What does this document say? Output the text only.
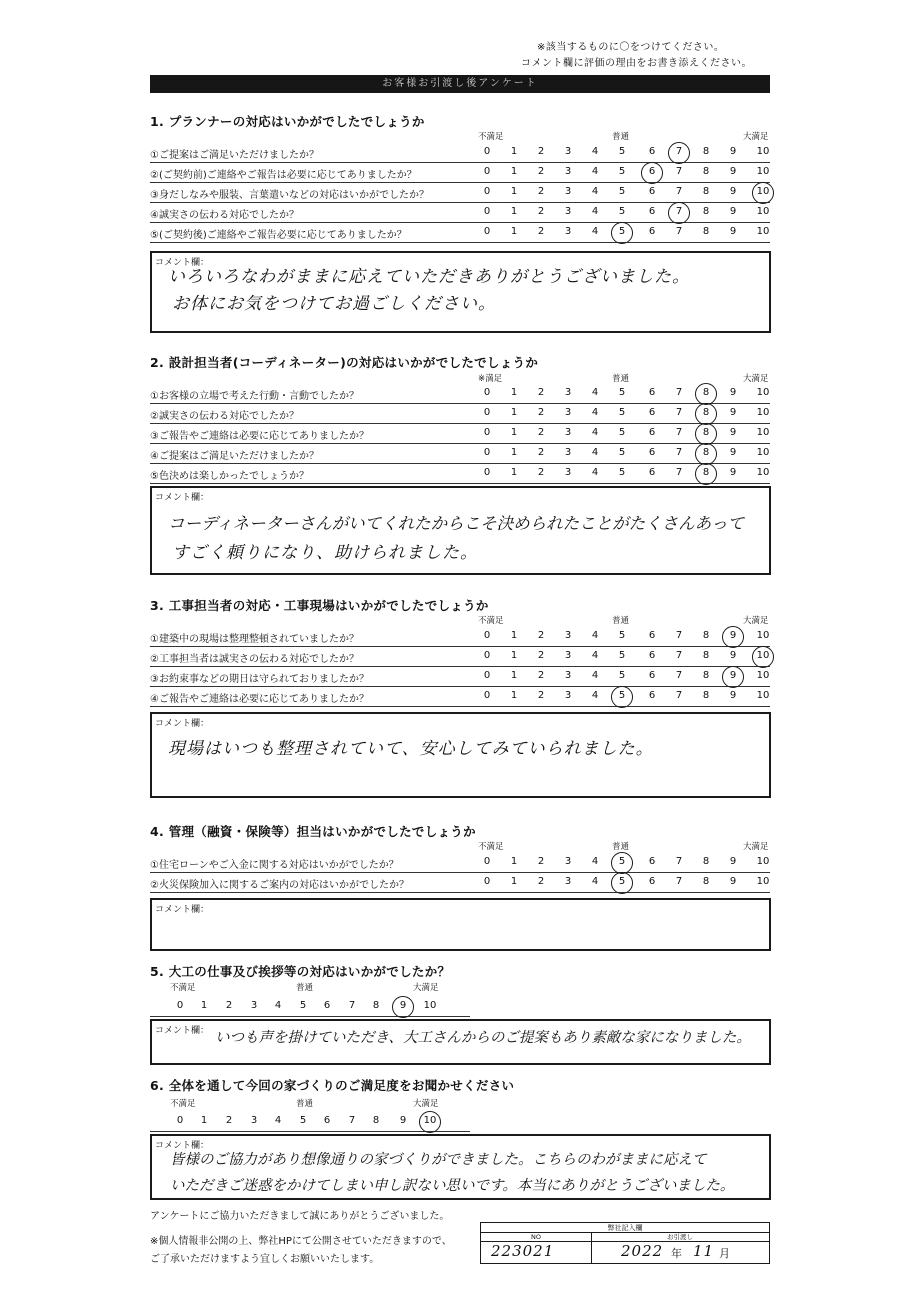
※該当するものに〇をつけてください。
コメント欄に評価の理由をお書き添えください。
お客様お引渡し後アンケート
1. プランナーの対応はいかがでしたでしょうか
不満足	普通	大満足
①ご提案はご満足いただけましたか？	0	1	2	3	4	5	6	7	8	9	10
②(ご契約前)ご連絡やご報告は必要に応じてありましたか？	0	1	2	3	4	5	6	7	8	9	10
③身だしなみや服装、言葉遣いなどの対応はいかがでしたか？	0	1	2	3	4	5	6	7	8	9	10
④誠実さの伝わる対応でしたか？	0	1	2	3	4	5	6	7	8	9	10
⑤(ご契約後)ご連絡やご報告必要に応じてありましたか？	0	1	2	3	4	5	6	7	8	9	10
コメント欄：
いろいろなわがままに応えていただきありがとうございました。
お体にお気をつけてお過ごしください。
2. 設計担当者(コーディネーター)の対応はいかがでしたでしょうか
※満足	普通	大満足
①お客様の立場で考えた行動・言動でしたか？	0	1	2	3	4	5	6	7	8	9	10
②誠実さの伝わる対応でしたか？	0	1	2	3	4	5	6	7	8	9	10
③ご報告やご連絡は必要に応じてありましたか？	0	1	2	3	4	5	6	7	8	9	10
④ご提案はご満足いただけましたか？	0	1	2	3	4	5	6	7	8	9	10
⑤色決めは楽しかったでしょうか？	0	1	2	3	4	5	6	7	8	9	10
コメント欄：
コーディネーターさんがいてくれたからこそ決められたことがたくさんあって
すごく頼りになり、助けられました。
3. 工事担当者の対応・工事現場はいかがでしたでしょうか
不満足	普通	大満足
①建築中の現場は整理整頓されていましたか？	0	1	2	3	4	5	6	7	8	9	10
②工事担当者は誠実さの伝わる対応でしたか？	0	1	2	3	4	5	6	7	8	9	10
③お約束事などの期日は守られておりましたか？	0	1	2	3	4	5	6	7	8	9	10
④ご報告やご連絡は必要に応じてありましたか？	0	1	2	3	4	5	6	7	8	9	10
コメント欄：
現場はいつも整理されていて、安心してみていられました。
4. 管理（融資・保険等）担当はいかがでしたでしょうか
不満足	普通	大満足
①住宅ローンやご入金に関する対応はいかがでしたか？	0	1	2	3	4	5	6	7	8	9	10
②火災保険加入に関するご案内の対応はいかがでしたか？	0	1	2	3	4	5	6	7	8	9	10
コメント欄：
5. 大工の仕事及び挨拶等の対応はいかがでしたか？
不満足	普通	大満足
0	1	2	3	4	5	6	7	8	9	10
コメント欄： いつも声を掛けていただき、大工さんからのご提案もあり素敵な家になりました。
6. 全体を通して今回の家づくりのご満足度をお聞かせください
不満足	普通	大満足
0	1	2	3	4	5	6	7	8	9	10
コメント欄：
皆様のご協力があり想像通りの家づくりができました。こちらのわがままに応えて
いただきご迷惑をかけてしまい申し訳ない思いです。本当にありがとうございました。
アンケートにご協力いただきまして誠にありがとうございました。
※個人情報非公開の上、弊社HPにて公開させていただきますので、
ご了承いただけますよう宜しくお願いいたします。
弊社記入欄
NO	お引渡し
223021	2022 年 11 月
